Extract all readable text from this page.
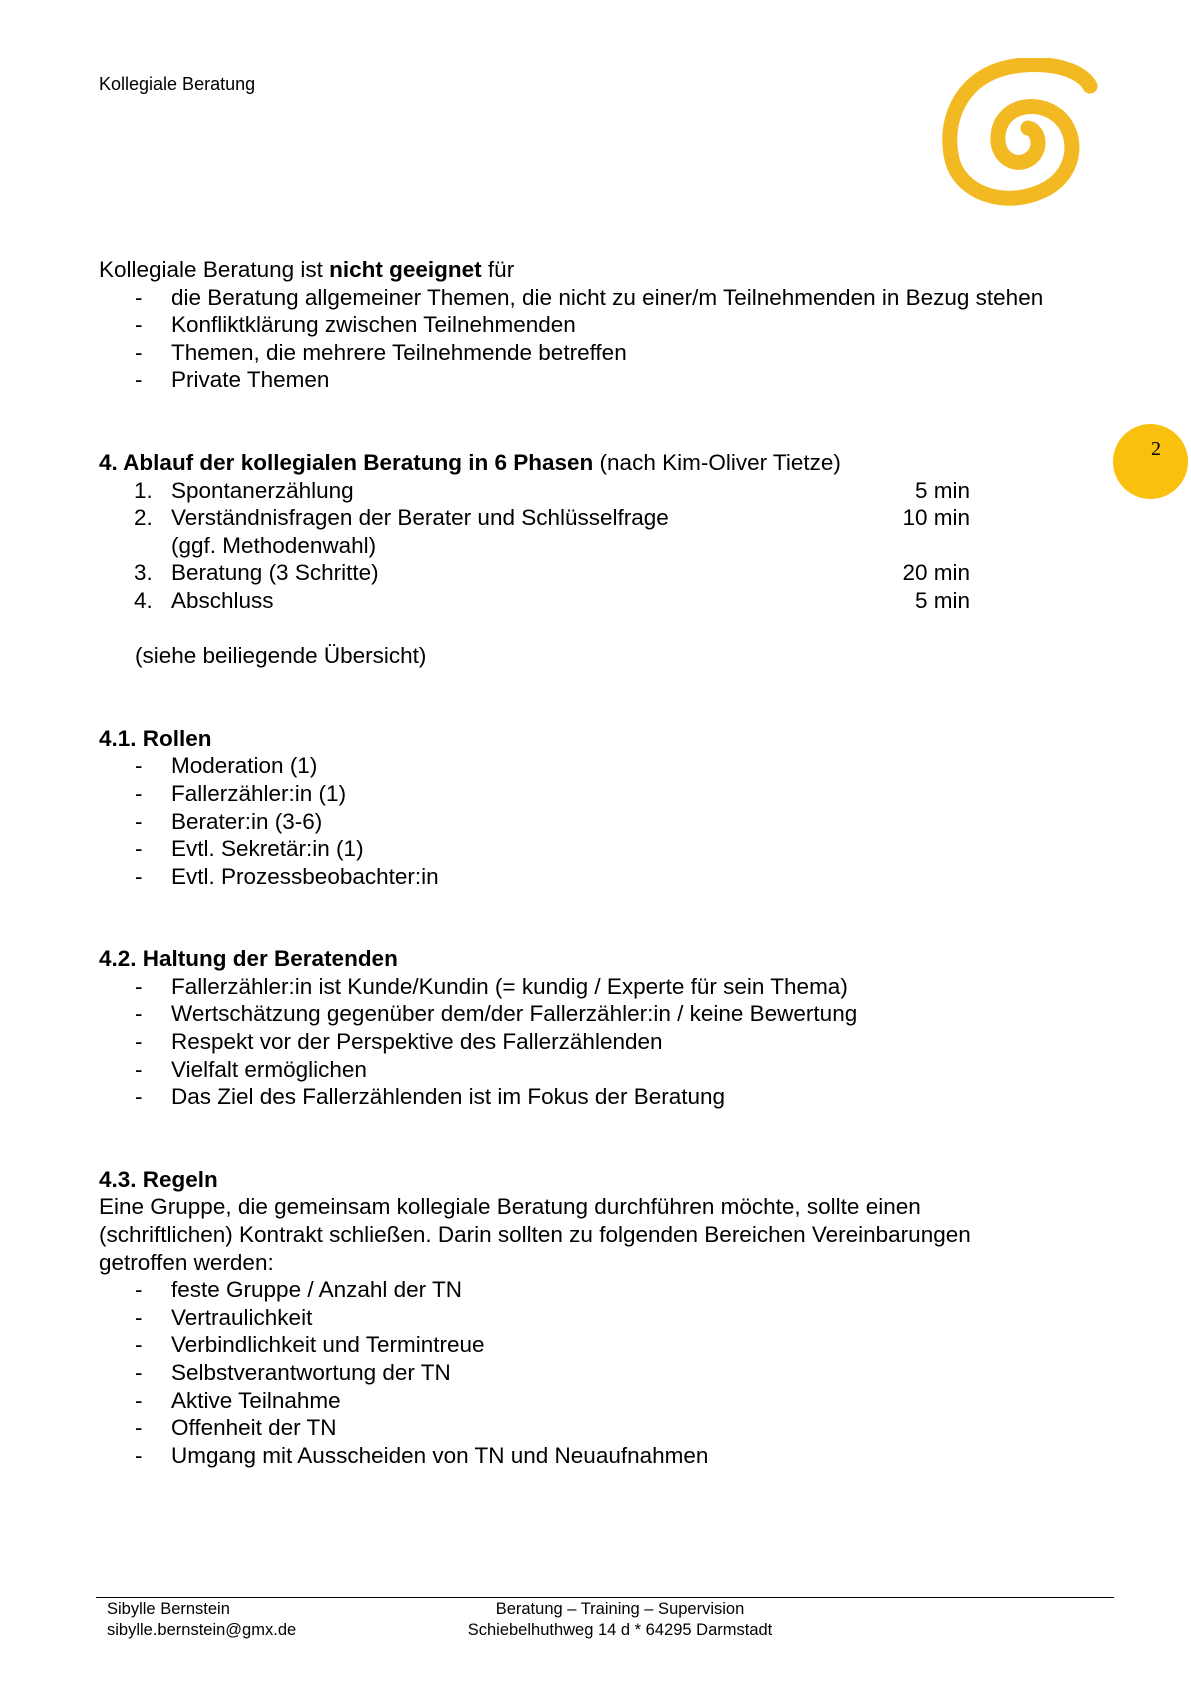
Kollegiale Beratung
2

Kollegiale Beratung ist nicht geeignet für

-	die Beratung allgemeiner Themen, die nicht zu einer/m Teilnehmenden in Bezug stehen
-	Konfliktklärung zwischen Teilnehmenden
-	Themen, die mehrere Teilnehmende betreffen
-	Private Themen

4. Ablauf der kollegialen Beratung in 6 Phasen (nach Kim-Oliver Tietze)

1. Spontanerzählung	5 min
2. Verständnisfragen der Berater und Schlüsselfrage	10 min
(ggf. Methodenwahl)
3. Beratung (3 Schritte)	20 min
4. Abschluss	5 min

(siehe beiliegende Übersicht)

4.1. Rollen

-	Moderation (1)
-	Fallerzähler:in (1)
-	Berater:in (3-6)
-	Evtl. Sekretär:in (1)
-	Evtl. Prozessbeobachter:in

4.2. Haltung der Beratenden

-	Fallerzähler:in ist Kunde/Kundin (= kundig / Experte für sein Thema)
-	Wertschätzung gegenüber dem/der Fallerzähler:in / keine Bewertung
-	Respekt vor der Perspektive des Fallerzählenden
-	Vielfalt ermöglichen
-	Das Ziel des Fallerzählenden ist im Fokus der Beratung

4.3. Regeln

Eine Gruppe, die gemeinsam kollegiale Beratung durchführen möchte, sollte einen (schriftlichen) Kontrakt schließen. Darin sollten zu folgenden Bereichen Vereinbarungen getroffen werden:

-	feste Gruppe / Anzahl der TN
-	Vertraulichkeit
-	Verbindlichkeit und Termintreue
-	Selbstverantwortung der TN
-	Aktive Teilnahme
-	Offenheit der TN
-	Umgang mit Ausscheiden von TN und Neuaufnahmen
Sibylle Bernstein
sibylle.bernstein@gmx.de
Beratung – Training – Supervision
Schiebelhuthweg 14 d * 64295 Darmstadt
